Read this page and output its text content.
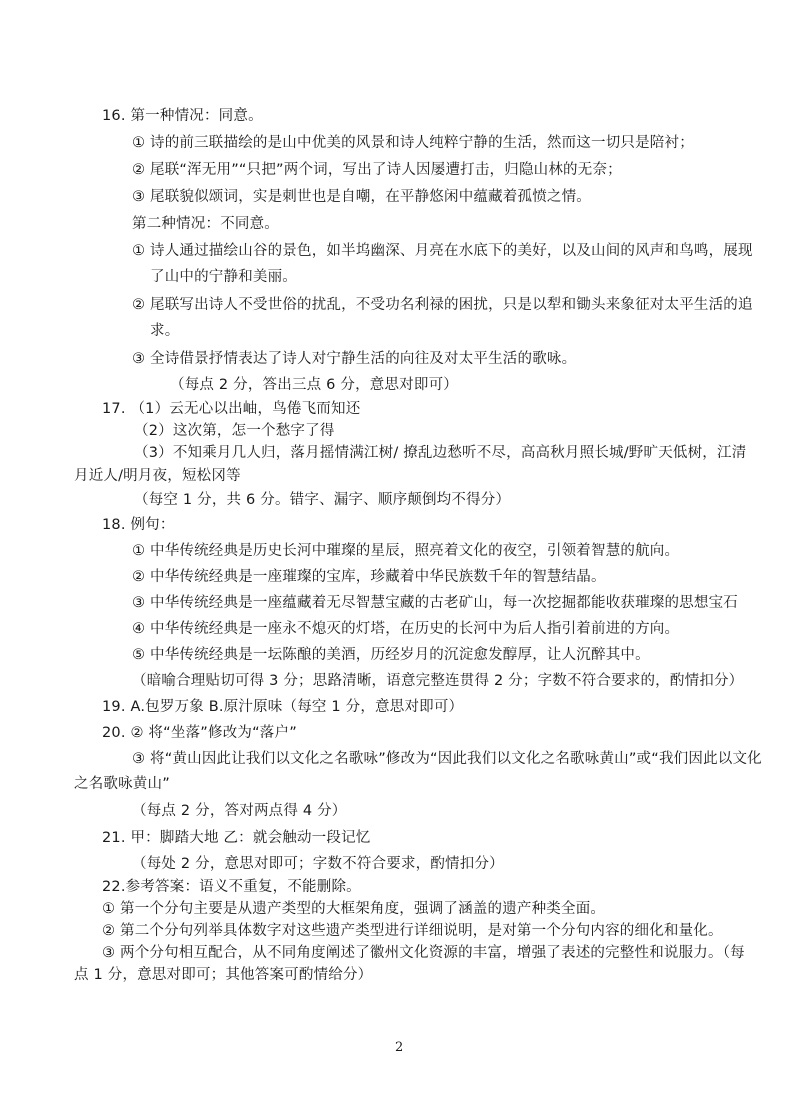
16. 第一种情况：同意。
① 诗的前三联描绘的是山中优美的风景和诗人纯粹宁静的生活，然而这一切只是陪衬；
② 尾联“浑无用”“只把”两个词，写出了诗人因屡遭打击，归隐山林的无奈；
③ 尾联貌似颂词，实是刺世也是自嘲，在平静悠闲中蕴藏着孤愤之情。
第二种情况：不同意。
① 诗人通过描绘山谷的景色，如半坞幽深、月亮在水底下的美好，以及山间的风声和鸟鸣，展现
了山中的宁静和美丽。
② 尾联写出诗人不受世俗的扰乱，不受功名利禄的困扰，只是以犁和锄头来象征对太平生活的追
求。
③ 全诗借景抒情表达了诗人对宁静生活的向往及对太平生活的歌咏。
（每点 2 分，答出三点 6 分，意思对即可）
17. （1）云无心以出岫，鸟倦飞而知还
（2）这次第，怎一个愁字了得
（3）不知乘月几人归，落月摇情满江树/ 撩乱边愁听不尽，高高秋月照长城/野旷天低树，江清
月近人/明月夜，短松冈等
（每空 1 分，共 6 分。错字、漏字、顺序颠倒均不得分）
18. 例句：
① 中华传统经典是历史长河中璀璨的星辰，照亮着文化的夜空，引领着智慧的航向。
② 中华传统经典是一座璀璨的宝库，珍藏着中华民族数千年的智慧结晶。
③ 中华传统经典是一座蕴藏着无尽智慧宝藏的古老矿山，每一次挖掘都能收获璀璨的思想宝石
④ 中华传统经典是一座永不熄灭的灯塔，在历史的长河中为后人指引着前进的方向。
⑤ 中华传统经典是一坛陈酿的美酒，历经岁月的沉淀愈发醇厚，让人沉醉其中。
（暗喻合理贴切可得 3 分；思路清晰，语意完整连贯得 2 分；字数不符合要求的，酌情扣分）
19. A.包罗万象 B.原汁原味（每空 1 分，意思对即可）
20. ② 将“坐落”修改为“落户”
③ 将“黄山因此让我们以文化之名歌咏”修改为“因此我们以文化之名歌咏黄山”或“我们因此以文化
之名歌咏黄山”
（每点 2 分，答对两点得 4 分）
21. 甲：脚踏大地 乙：就会触动一段记忆
（每处 2 分，意思对即可；字数不符合要求，酌情扣分）
22.参考答案：语义不重复，不能删除。
① 第一个分句主要是从遗产类型的大框架角度，强调了涵盖的遗产种类全面。
② 第二个分句列举具体数字对这些遗产类型进行详细说明，是对第一个分句内容的细化和量化。
③ 两个分句相互配合，从不同角度阐述了徽州文化资源的丰富，增强了表述的完整性和说服力。（每
点 1 分，意思对即可；其他答案可酌情给分）
2
